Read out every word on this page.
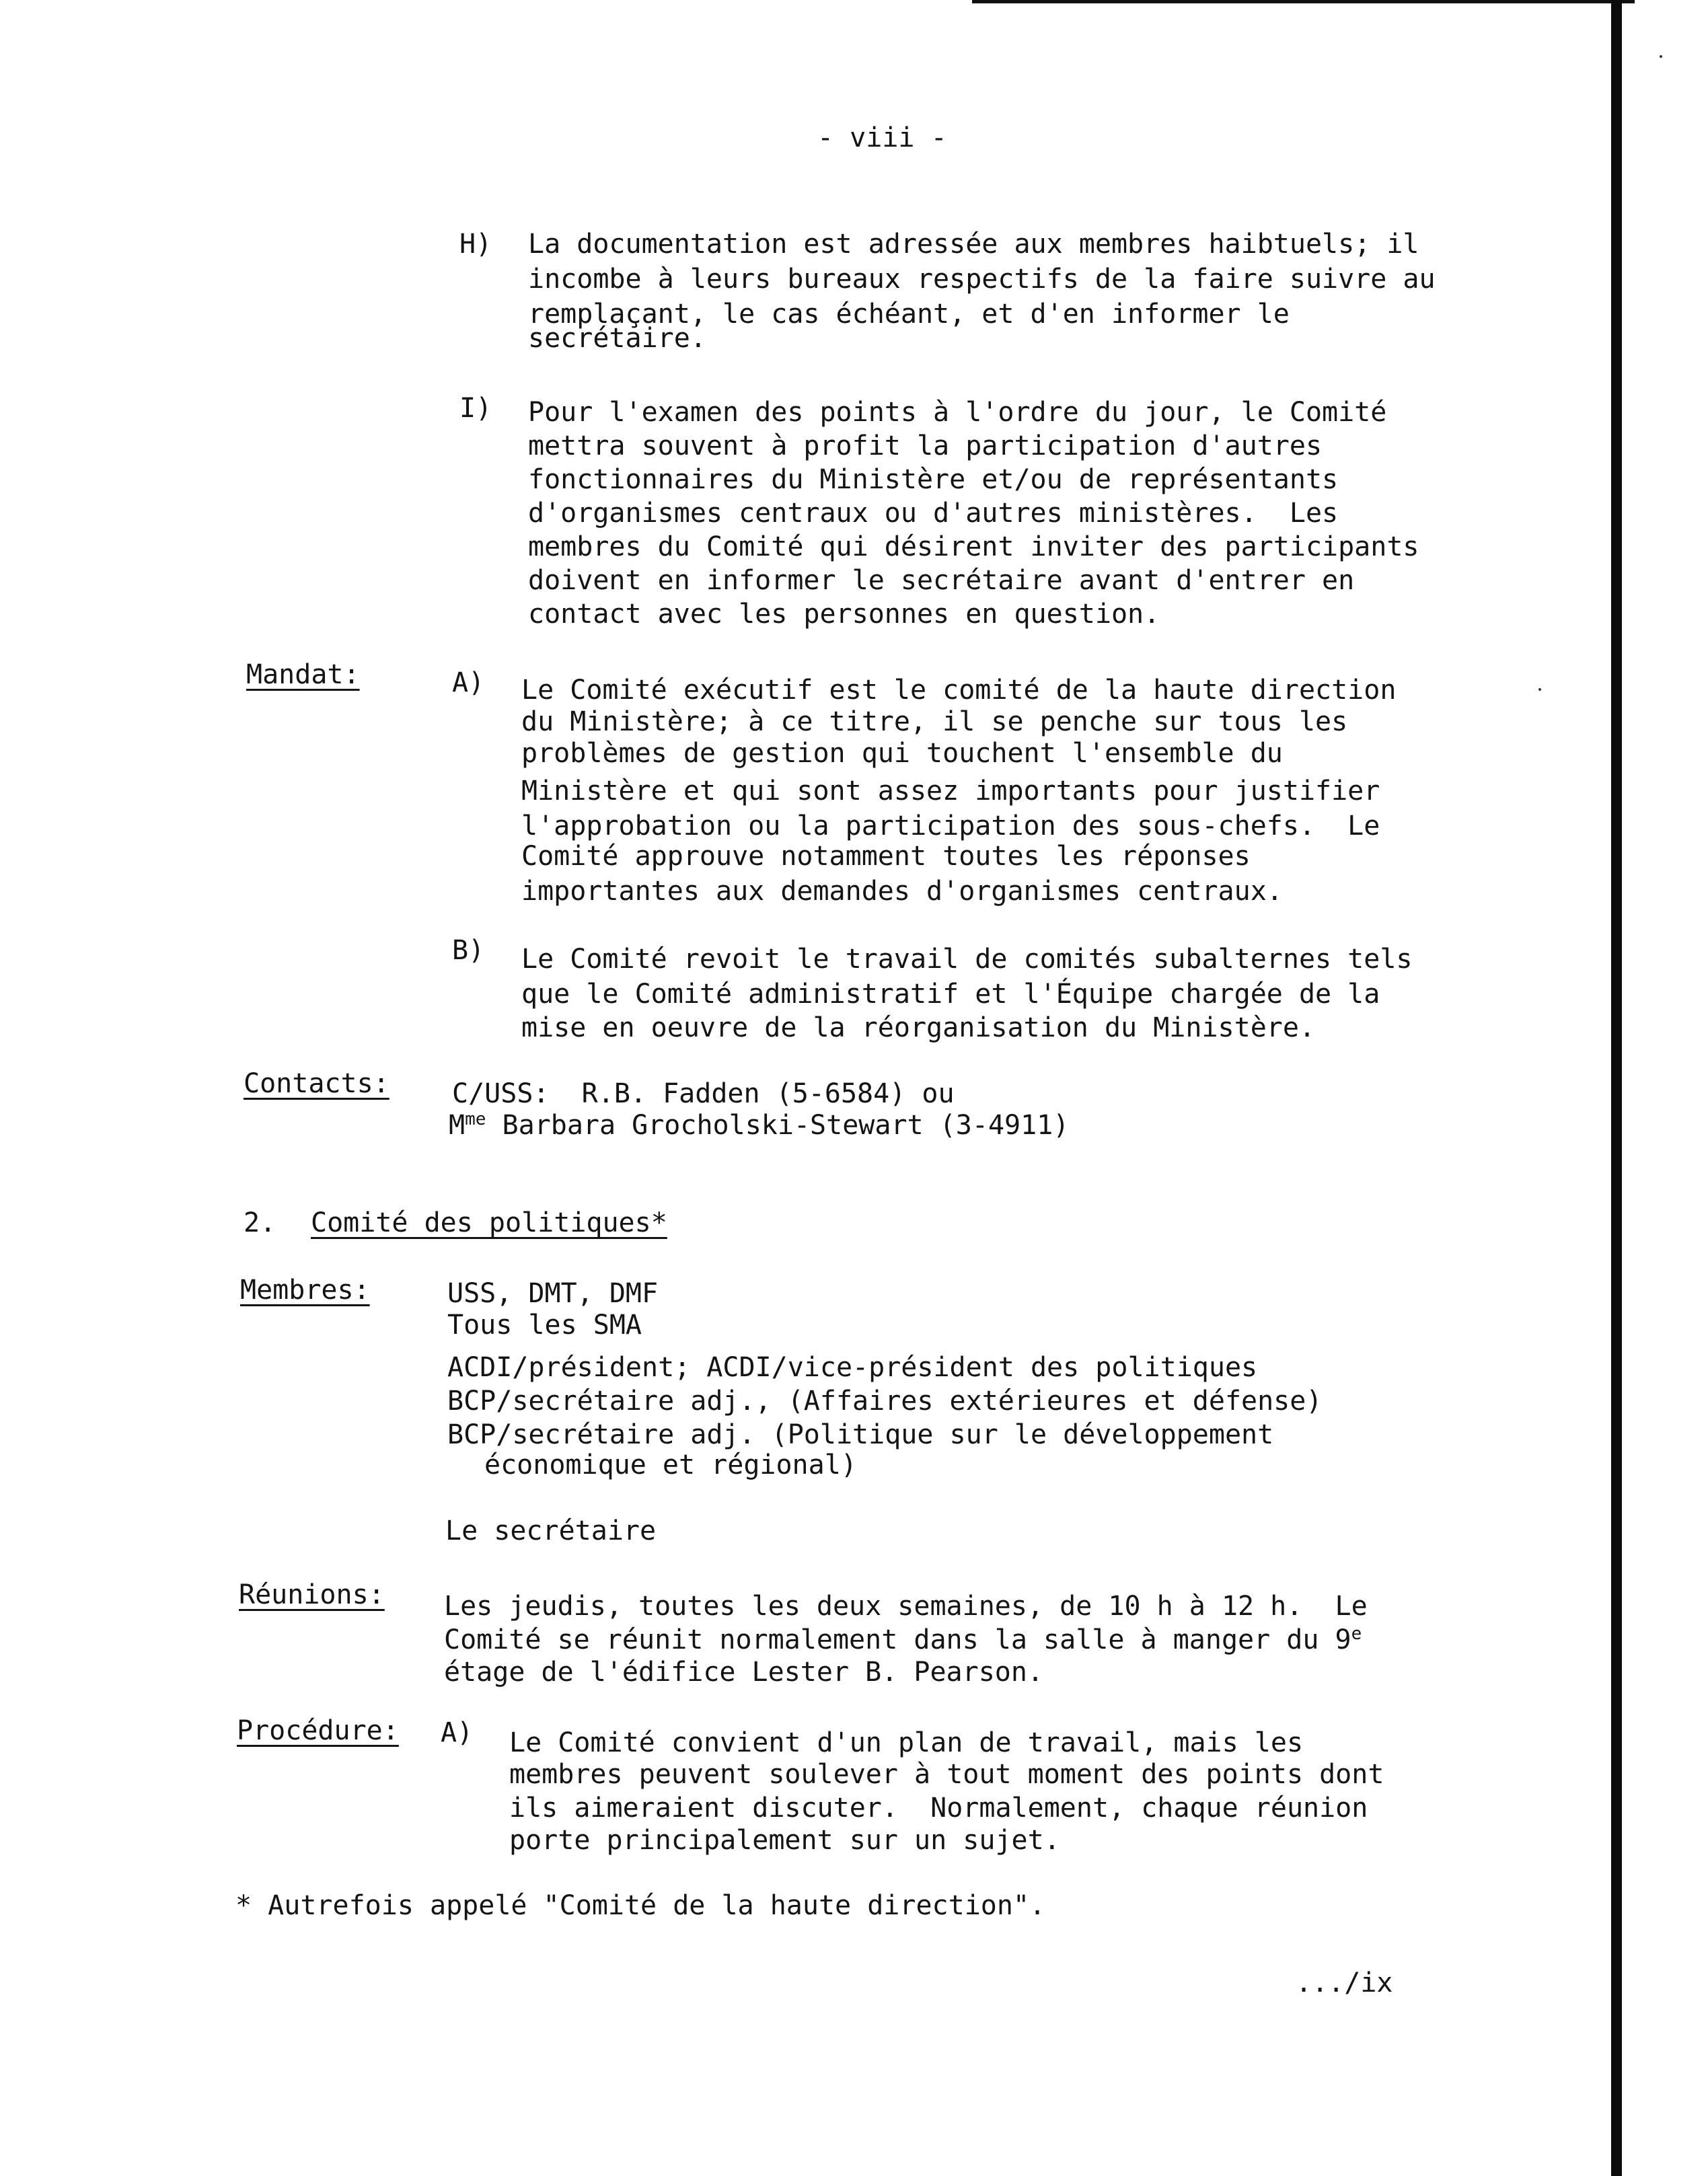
- viii -
H) La documentation est adressée aux membres haibtuels; il
incombe à leurs bureaux respectifs de la faire suivre au
remplaçant, le cas échéant, et d'en informer le
secrétaire.
I) Pour l'examen des points à l'ordre du jour, le Comité
mettra souvent à profit la participation d'autres
fonctionnaires du Ministère et/ou de représentants
d'organismes centraux ou d'autres ministères.  Les
membres du Comité qui désirent inviter des participants
doivent en informer le secrétaire avant d'entrer en
contact avec les personnes en question.
Mandat:	A) Le Comité exécutif est le comité de la haute direction
du Ministère; à ce titre, il se penche sur tous les
problèmes de gestion qui touchent l'ensemble du
Ministère et qui sont assez importants pour justifier
l'approbation ou la participation des sous-chefs.  Le
Comité approuve notamment toutes les réponses
importantes aux demandes d'organismes centraux.
B) Le Comité revoit le travail de comités subalternes tels
que le Comité administratif et l'Équipe chargée de la
mise en oeuvre de la réorganisation du Ministère.
Contacts: C/USS:  R.B. Fadden (5-6584) ou
$M^{me}$ Barbara Grocholski-Stewart (3-4911)
2. Comité des politiques*
Membres:	USS, DMT, DMF
Tous les SMA
ACDI/président; ACDI/vice-président des politiques
BCP/secrétaire adj., (Affaires extérieures et défense)
BCP/secrétaire adj. (Politique sur le développement
économique et régional)
Le secrétaire
Réunions: Les jeudis, toutes les deux semaines, de 10 h à 12 h.  Le
Comité se réunit normalement dans la salle à manger du 9e
étage de l'édifice Lester B. Pearson.
Procédure: A) Le Comité convient d'un plan de travail, mais les
membres peuvent soulever à tout moment des points dont
ils aimeraient discuter.  Normalement, chaque réunion
porte principalement sur un sujet.
* Autrefois appelé "Comité de la haute direction".
.../ix
